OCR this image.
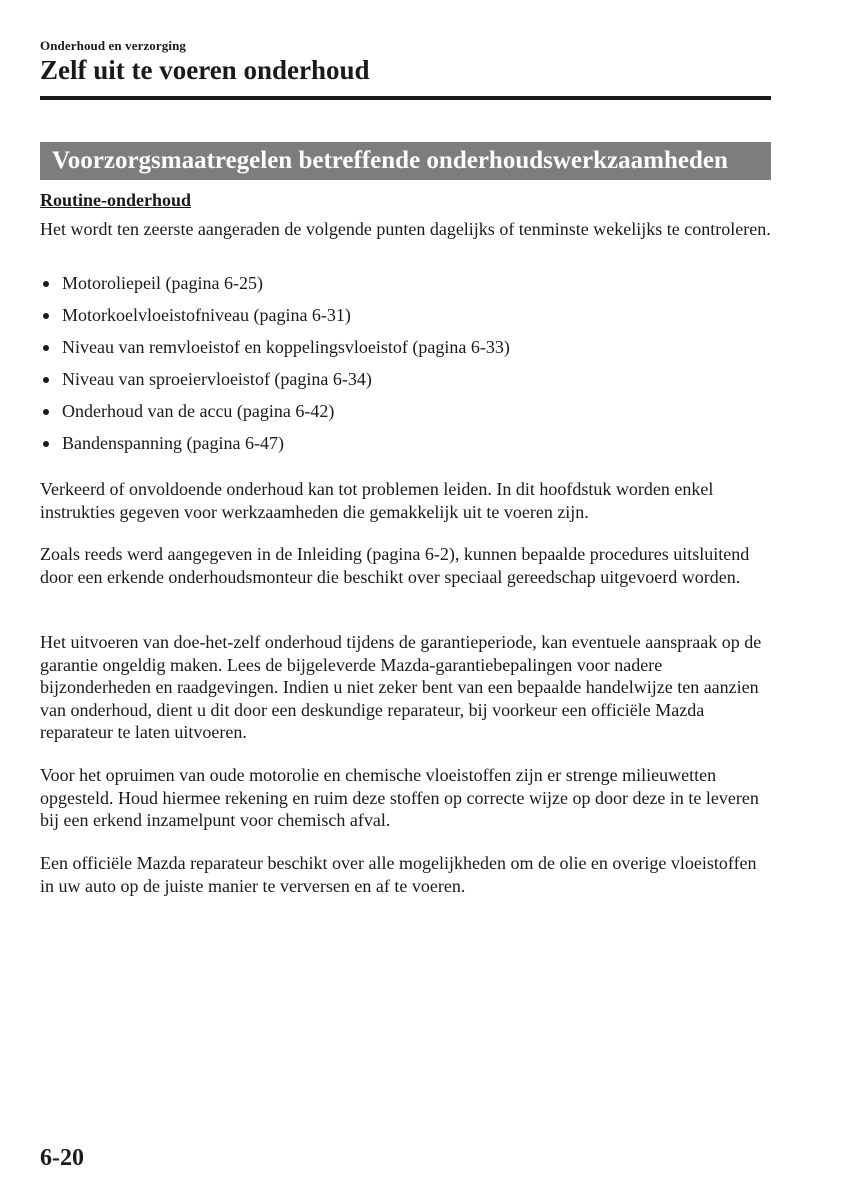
Onderhoud en verzorging
Zelf uit te voeren onderhoud
Voorzorgsmaatregelen betreffende onderhoudswerkzaamheden
Routine-onderhoud

Het wordt ten zeerste aangeraden de volgende punten dagelijks of tenminste wekelijks te controleren.

Motoroliepeil (pagina 6-25)
Motorkoelvloeistofniveau (pagina 6-31)
Niveau van remvloeistof en koppelingsvloeistof (pagina 6-33)
Niveau van sproeiervloeistof (pagina 6-34)
Onderhoud van de accu (pagina 6-42)
Bandenspanning (pagina 6-47)

Verkeerd of onvoldoende onderhoud kan tot problemen leiden. In dit hoofdstuk worden enkel instrukties gegeven voor werkzaamheden die gemakkelijk uit te voeren zijn.

Zoals reeds werd aangegeven in de Inleiding (pagina 6-2), kunnen bepaalde procedures uitsluitend door een erkende onderhoudsmonteur die beschikt over speciaal gereedschap uitgevoerd worden.

Het uitvoeren van doe-het-zelf onderhoud tijdens de garantieperiode, kan eventuele aanspraak op de garantie ongeldig maken. Lees de bijgeleverde Mazda-garantiebepalingen voor nadere bijzonderheden en raadgevingen. Indien u niet zeker bent van een bepaalde handelwijze ten aanzien van onderhoud, dient u dit door een deskundige reparateur, bij voorkeur een officiële Mazda reparateur te laten uitvoeren.

Voor het opruimen van oude motorolie en chemische vloeistoffen zijn er strenge milieuwetten opgesteld. Houd hiermee rekening en ruim deze stoffen op correcte wijze op door deze in te leveren bij een erkend inzamelpunt voor chemisch afval.

Een officiële Mazda reparateur beschikt over alle mogelijkheden om de olie en overige vloeistoffen in uw auto op de juiste manier te verversen en af te voeren.

6-20
